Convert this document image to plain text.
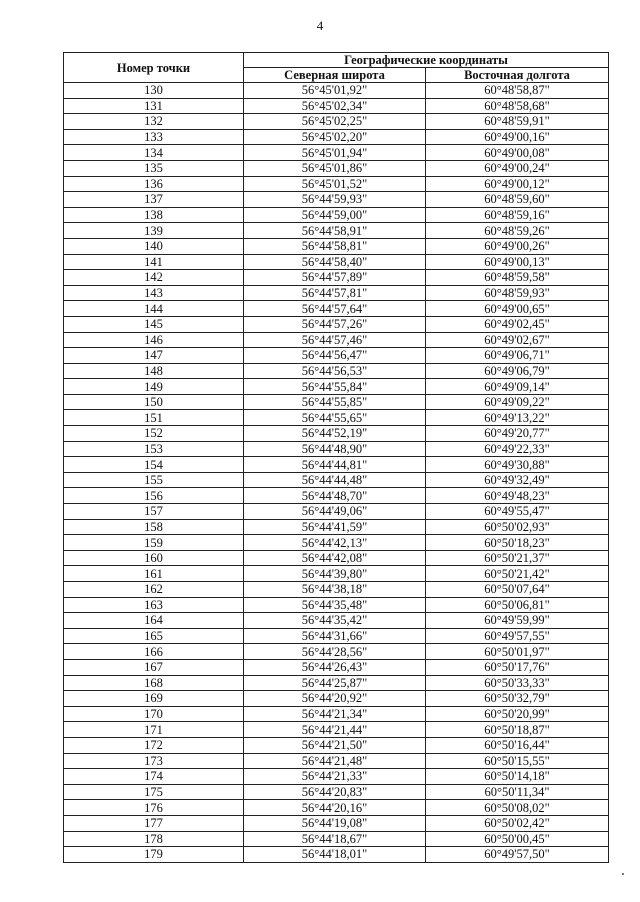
4
Номер точки	Географические координаты	
	Северная широта	Восточная долгота
130	56°45'01,92"	60°48'58,87"
131	56°45'02,34"	60°48'58,68"
132	56°45'02,25"	60°48'59,91"
133	56°45'02,20"	60°49'00,16"
134	56°45'01,94"	60°49'00,08"
135	56°45'01,86"	60°49'00,24"
136	56°45'01,52"	60°49'00,12"
137	56°44'59,93"	60°48'59,60"
138	56°44'59,00"	60°48'59,16"
139	56°44'58,91"	60°48'59,26"
140	56°44'58,81"	60°49'00,26"
141	56°44'58,40"	60°49'00,13"
142	56°44'57,89"	60°48'59,58"
143	56°44'57,81"	60°48'59,93"
144	56°44'57,64"	60°49'00,65"
145	56°44'57,26"	60°49'02,45"
146	56°44'57,46"	60°49'02,67"
147	56°44'56,47"	60°49'06,71"
148	56°44'56,53"	60°49'06,79"
149	56°44'55,84"	60°49'09,14"
150	56°44'55,85"	60°49'09,22"
151	56°44'55,65"	60°49'13,22"
152	56°44'52,19"	60°49'20,77"
153	56°44'48,90"	60°49'22,33"
154	56°44'44,81"	60°49'30,88"
155	56°44'44,48"	60°49'32,49"
156	56°44'48,70"	60°49'48,23"
157	56°44'49,06"	60°49'55,47"
158	56°44'41,59"	60°50'02,93"
159	56°44'42,13"	60°50'18,23"
160	56°44'42,08"	60°50'21,37"
161	56°44'39,80"	60°50'21,42"
162	56°44'38,18"	60°50'07,64"
163	56°44'35,48"	60°50'06,81"
164	56°44'35,42"	60°49'59,99"
165	56°44'31,66"	60°49'57,55"
166	56°44'28,56"	60°50'01,97"
167	56°44'26,43"	60°50'17,76"
168	56°44'25,87"	60°50'33,33"
169	56°44'20,92"	60°50'32,79"
170	56°44'21,34"	60°50'20,99"
171	56°44'21,44"	60°50'18,87"
172	56°44'21,50"	60°50'16,44"
173	56°44'21,48"	60°50'15,55"
174	56°44'21,33"	60°50'14,18"
175	56°44'20,83"	60°50'11,34"
176	56°44'20,16"	60°50'08,02"
177	56°44'19,08"	60°50'02,42"
178	56°44'18,67"	60°50'00,45"
179	56°44'18,01"	60°49'57,50"
